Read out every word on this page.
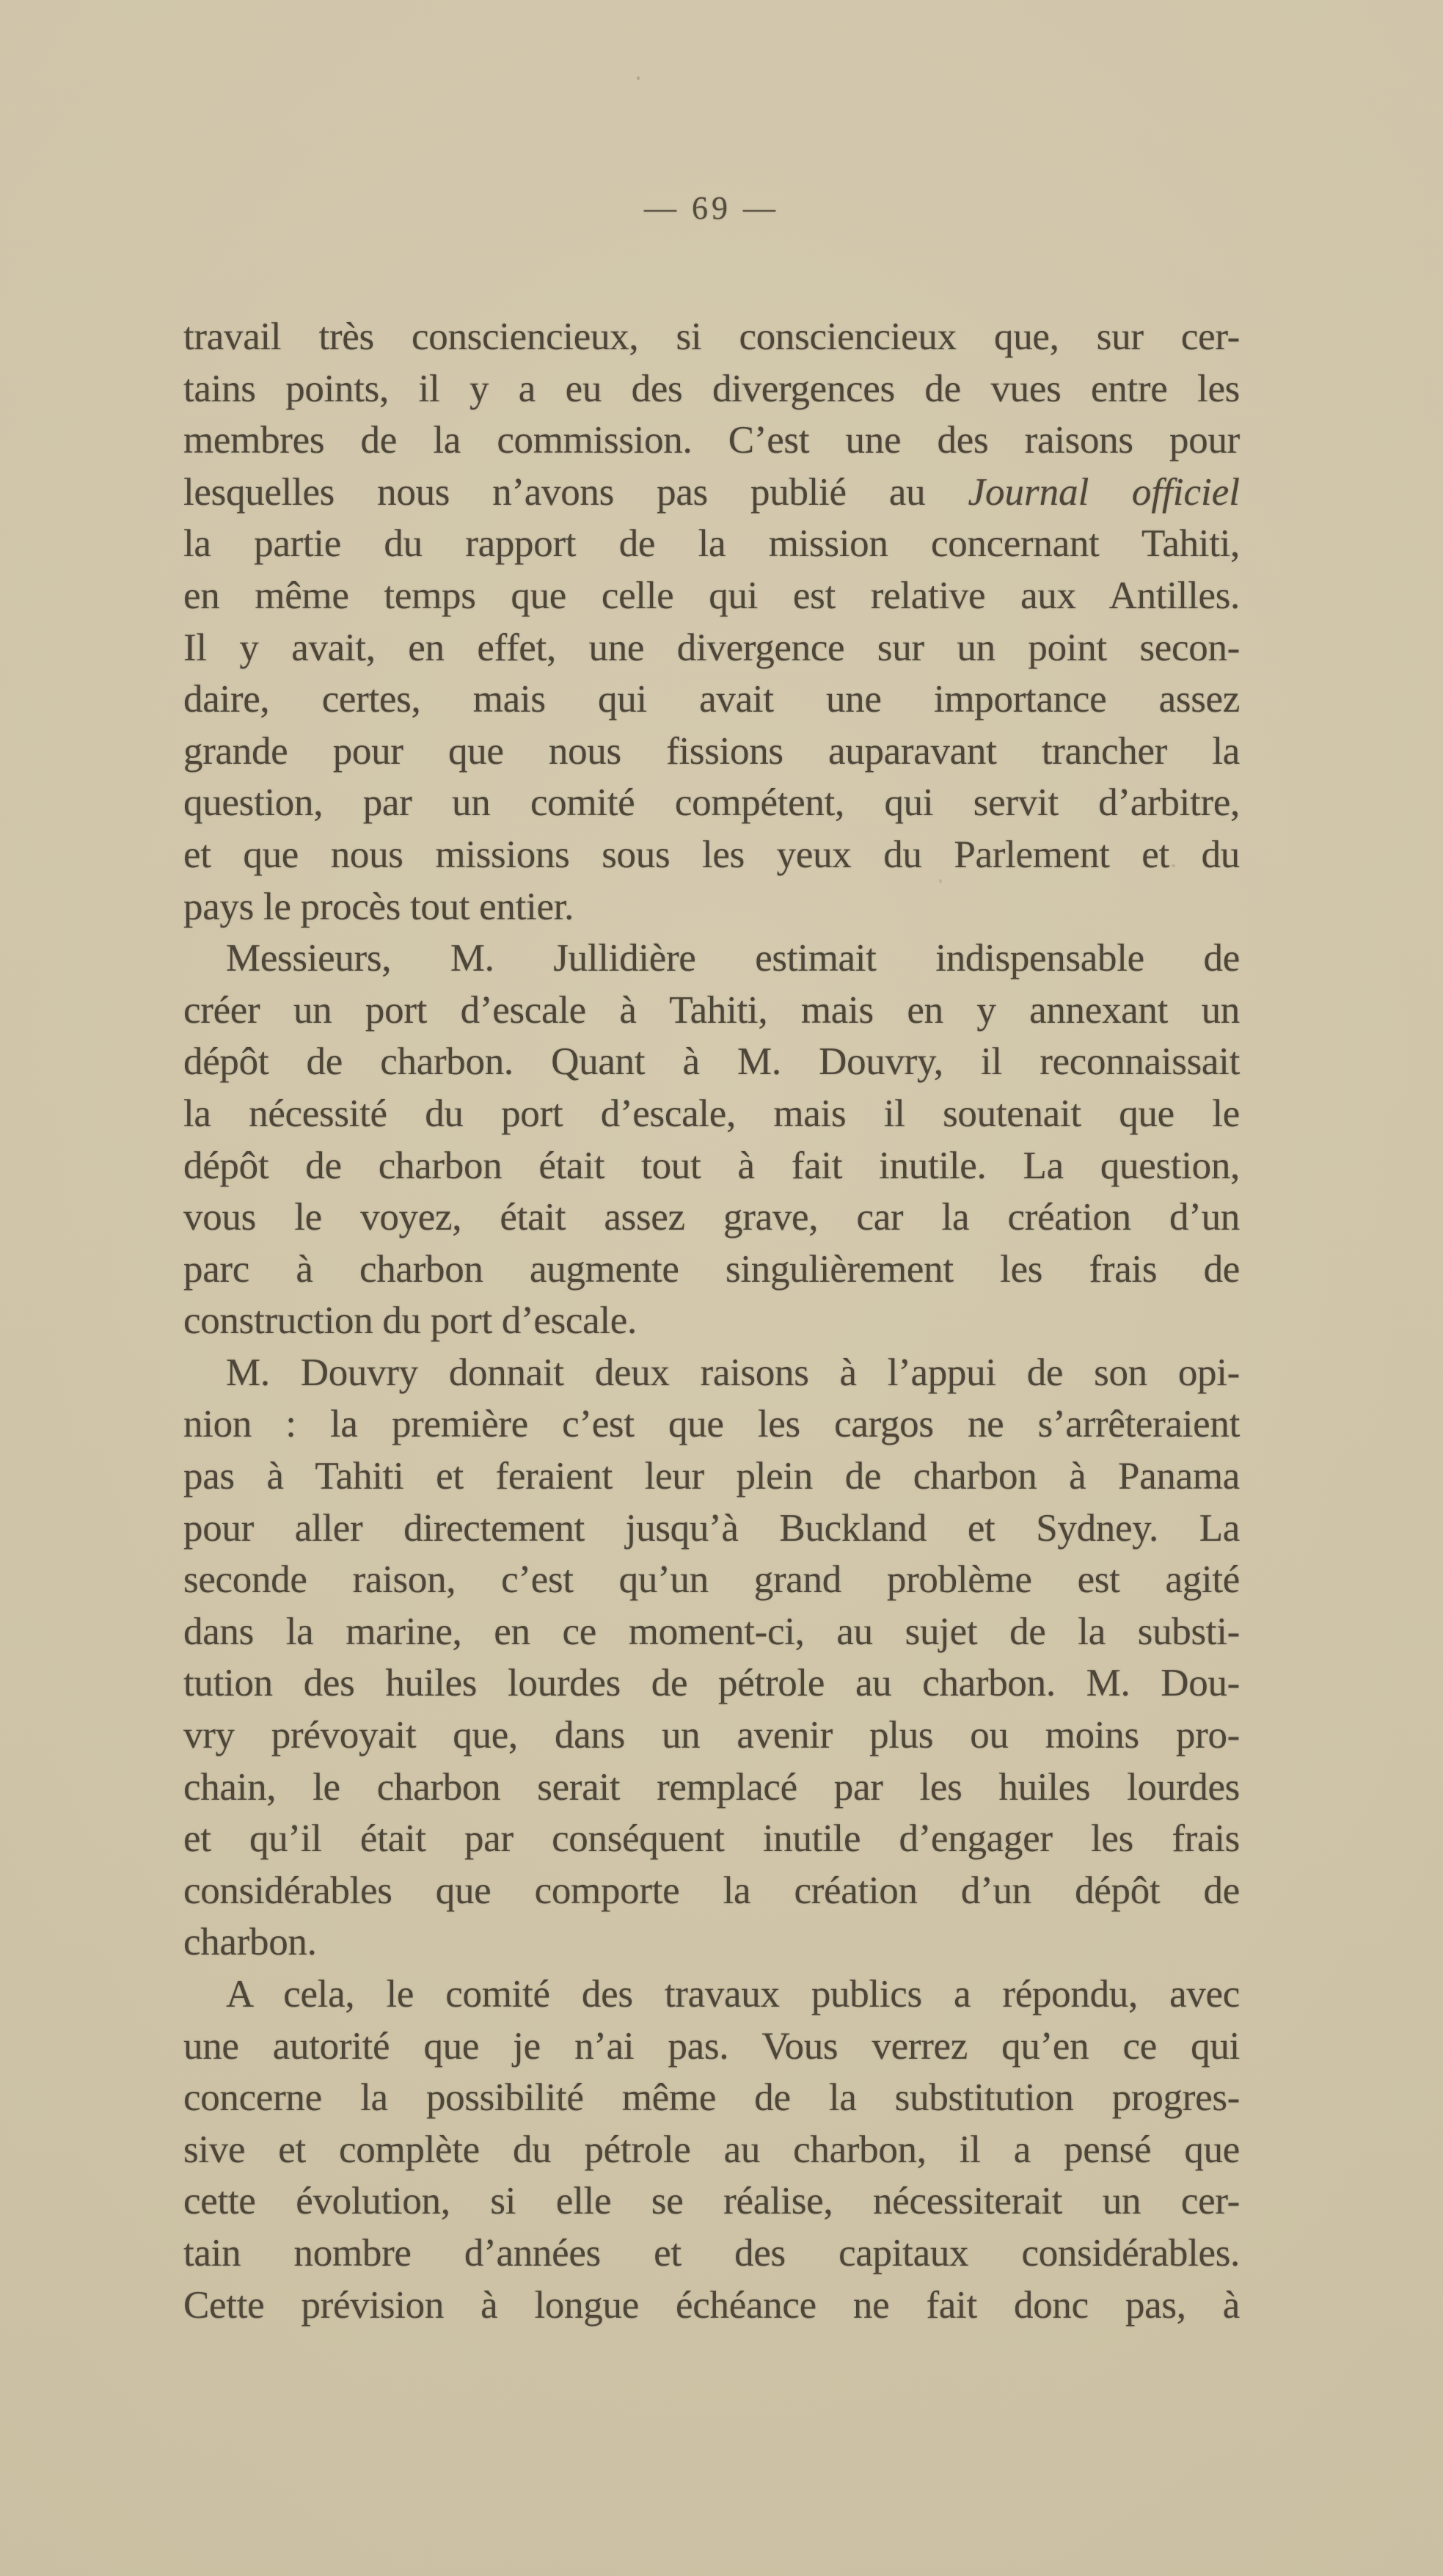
— 69 —
travail très consciencieux, si consciencieux que, sur cer-
tains points, il y a eu des divergences de vues entre les
membres de la commission. C’est une des raisons pour
lesquelles nous n’avons pas publié au Journal officiel
la partie du rapport de la mission concernant Tahiti,
en même temps que celle qui est relative aux Antilles.
Il y avait, en effet, une divergence sur un point secon-
daire, certes, mais qui avait une importance assez
grande pour que nous fissions auparavant trancher la
question, par un comité compétent, qui servit d’arbitre,
et que nous missions sous les yeux du Parlement et du
pays le procès tout entier.
Messieurs, M. Jullidière estimait indispensable de
créer un port d’escale à Tahiti, mais en y annexant un
dépôt de charbon. Quant à M. Douvry, il reconnaissait
la nécessité du port d’escale, mais il soutenait que le
dépôt de charbon était tout à fait inutile. La question,
vous le voyez, était assez grave, car la création d’un
parc à charbon augmente singulièrement les frais de
construction du port d’escale.
M. Douvry donnait deux raisons à l’appui de son opi-
nion : la première c’est que les cargos ne s’arrêteraient
pas à Tahiti et feraient leur plein de charbon à Panama
pour aller directement jusqu’à Buckland et Sydney. La
seconde raison, c’est qu’un grand problème est agité
dans la marine, en ce moment-ci, au sujet de la substi-
tution des huiles lourdes de pétrole au charbon. M. Dou-
vry prévoyait que, dans un avenir plus ou moins pro-
chain, le charbon serait remplacé par les huiles lourdes
et qu’il était par conséquent inutile d’engager les frais
considérables que comporte la création d’un dépôt de
charbon.
A cela, le comité des travaux publics a répondu, avec
une autorité que je n’ai pas. Vous verrez qu’en ce qui
concerne la possibilité même de la substitution progres-
sive et complète du pétrole au charbon, il a pensé que
cette évolution, si elle se réalise, nécessiterait un cer-
tain nombre d’années et des capitaux considérables.
Cette prévision à longue échéance ne fait donc pas, à
